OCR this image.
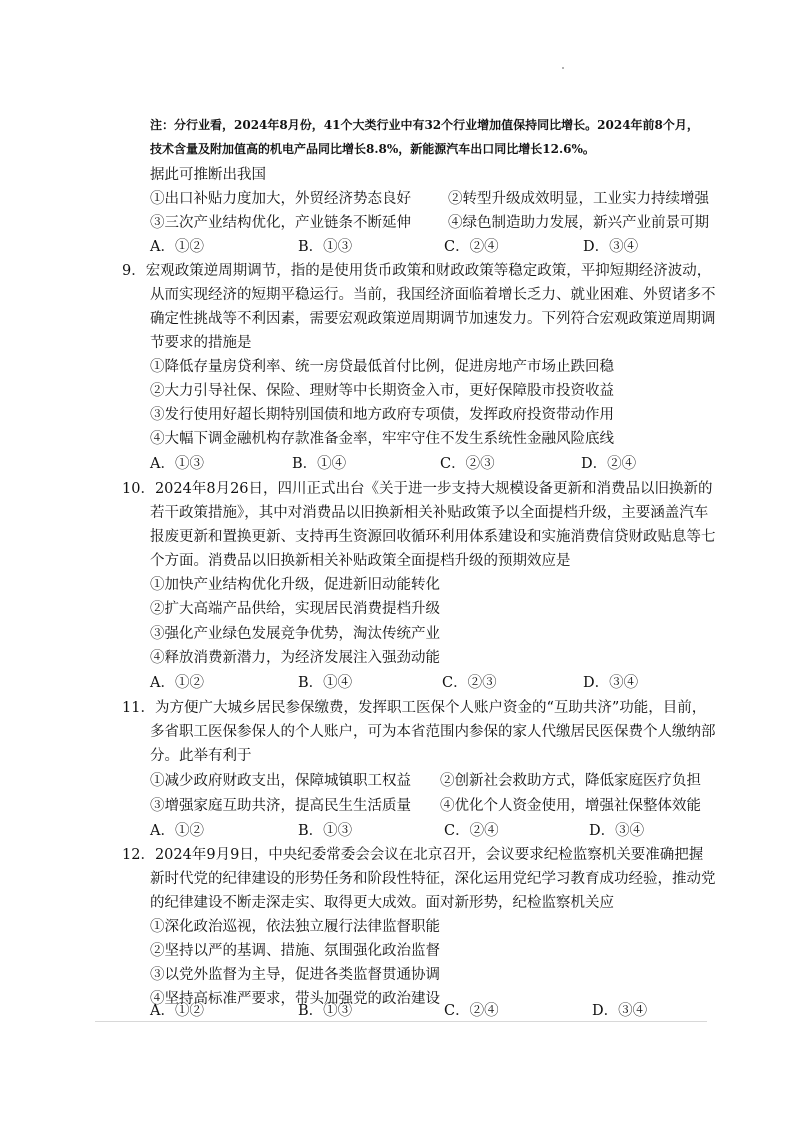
注：分行业看，2024年8月份，41个大类行业中有32个行业增加值保持同比增长。2024年前8个月，
技术含量及附加值高的机电产品同比增长8.8%，新能源汽车出口同比增长12.6%。
据此可推断出我国
①出口补贴力度加大，外贸经济势态良好	②转型升级成效明显，工业实力持续增强
③三次产业结构优化，产业链条不断延伸	④绿色制造助力发展，新兴产业前景可期
A．①②	B．①③	C．②④	D．③④
9．宏观政策逆周期调节，指的是使用货币政策和财政政策等稳定政策，平抑短期经济波动，
从而实现经济的短期平稳运行。当前，我国经济面临着增长乏力、就业困难、外贸诸多不
确定性挑战等不利因素，需要宏观政策逆周期调节加速发力。下列符合宏观政策逆周期调
节要求的措施是
①降低存量房贷利率、统一房贷最低首付比例，促进房地产市场止跌回稳
②大力引导社保、保险、理财等中长期资金入市，更好保障股市投资收益
③发行使用好超长期特别国债和地方政府专项债，发挥政府投资带动作用
④大幅下调金融机构存款准备金率，牢牢守住不发生系统性金融风险底线
A．①③	B．①④	C．②③	D．②④
10．2024年8月26日，四川正式出台《关于进一步支持大规模设备更新和消费品以旧换新的
若干政策措施》，其中对消费品以旧换新相关补贴政策予以全面提档升级，主要涵盖汽车
报废更新和置换更新、支持再生资源回收循环利用体系建设和实施消费信贷财政贴息等七
个方面。消费品以旧换新相关补贴政策全面提档升级的预期效应是
①加快产业结构优化升级，促进新旧动能转化
②扩大高端产品供给，实现居民消费提档升级
③强化产业绿色发展竞争优势，淘汰传统产业
④释放消费新潜力，为经济发展注入强劲动能
A．①②	B．①④	C．②③	D．③④
11．为方便广大城乡居民参保缴费，发挥职工医保个人账户资金的“互助共济”功能，目前，
多省职工医保参保人的个人账户，可为本省范围内参保的家人代缴居民医保费个人缴纳部
分。此举有利于
①减少政府财政支出，保障城镇职工权益 ②创新社会救助方式，降低家庭医疗负担
③增强家庭互助共济，提高民生生活质量 ④优化个人资金使用，增强社保整体效能
A．①②	B．①③	C．②④	D．③④
12．2024年9月9日，中央纪委常委会会议在北京召开，会议要求纪检监察机关要准确把握
新时代党的纪律建设的形势任务和阶段性特征，深化运用党纪学习教育成功经验，推动党
的纪律建设不断走深走实、取得更大成效。面对新形势，纪检监察机关应
①深化政治巡视，依法独立履行法律监督职能
②坚持以严的基调、措施、氛围强化政治监督
③以党外监督为主导，促进各类监督贯通协调
④坚持高标准严要求，带头加强党的政治建设
A．①②	B．①③	C．②④	D．③④
